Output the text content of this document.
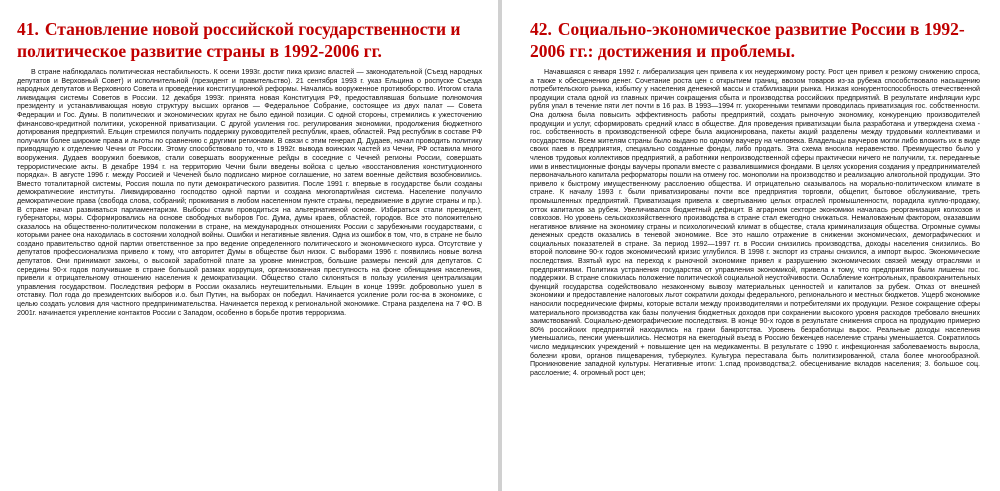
41. Становление новой российской государственности и политическое развитие страны в 1992-2006 гг.

В стране наблюдалась политическая нестабильность. К осени 1993г. достиг пика кризис властей — законодательной (Съезд народных депутатов и Верховный Совет) и исполнительной (президент и правительство). 21 сентября 1993 г. указ Ельцина о роспуске Съезда народных депутатов и Верховного Совета и проведении конституционной реформы. Начались вооруженное противоборство. Итогом стала ликвидация системы Советов в России. 12 декабря 1993г. принята новая Конституция РФ, предоставлявшая большие полномочия президенту и устанавливающая новую структуру высших органов — Федеральное Собрание, состоящее из двух палат — Совета Федерации и Гос. Думы. В политических и экономических кругах не было единой позиции. С одной стороны, стремились к ужесточению финансово-кредитной политики, ускоренной приватизации. С другой усиления гос. регулирования экономики, продолжения бюджетного дотирования предприятий. Ельцин стремился получить поддержку руководителей республик, краев, областей. Ряд республик в составе РФ получили более широкие права и льготы по сравнению с другими регионами. В связи с этим генерал Д. Дудаев, начал проводить политику приводящую к отделению Чечни от России. Этому способствовало то, что в 1992г. вывода воинских частей из Чечни, РФ оставила много вооружения. Дудаев вооружил боевиков, стали совершать вооруженные рейды в соседние с Чечней регионы России, совершать террористические акты. В декабре 1994 г. на территорию Чечни были введены войска с целью «восстановления конституционного порядка». В августе 1996 г. между Россией и Чеченей было подписано мирное соглашение, но затем военные действия возобновились. Вместо тоталитарной системы, Россия пошла по пути демократического развития. После 1991 г. впервые в государстве были созданы демократические институты. Ликвидированно господство одной партии и создана многопартийная система. Население получило демократические права (свобода слова, собраний; проживания в любом населенном пункте страны, передвижение в другие страны и пр.). В стране начал развиваться парламентаризм. Выборы стали проводиться на альтернативной основе. Избираться стали президент, губернаторы, мэры. Сформировались на основе свободных выборов Гос. Дума, думы краев, областей, городов. Все это положительно сказалось на общественно-политическом положении в стране, на международных отношениях России с зарубежными государствами, с которыми ранее она находилась в состоянии холодной войны. Ошибки и негативные явления. Одна из ошибок в том, что, в стране не было создано правительство одной партии ответственное за про ведение определенного политического и экономического курса. Отсутствие у депутатов профессионализма привело к тому, что авторитет Думы в обществе был низок. С выборами 1996 г. появились новые волна депутатов. Они принимают законы, о высокой заработной плате за уровне министров, большие размеры пенсий для депутатов. С середины 90-х годов получившие в стране большой размах коррупция, организованная преступность на фоне обнищания населения, привели к отрицательному отношению населения к демократизации. Общество стало склоняться в пользу усиления централизации управления государством. Последствия реформ в России оказались неутешительными. Ельцин в конце 1999г. добровольно ушел в отставку. Пол года до президентских выборов и.о. был Путин, на выборах он победил. Начинается усиление роли гос-ва в экономике, с целью создать условия для частного предпринимательства. Начинается переход к региональной экономике. Страна разделена на 7 ФО. В 2001г. начинается укрепление контактов России с Западом, особенно в борьбе против терроризма.

42. Социально-экономическое развитие России в 1992-2006 гг.: достижения и проблемы.

Начавшаяся с января 1992 г. либерализация цен привела к их неудержимому росту. Рост цен привел к резкому снижению спроса, а также к обесценению денег. Сочетание роста цен с открытием границ, ввозом товаров из-за рубежа способствовало насыщению потребительского рынка, избытку у населения денежной массы и стабилизации рынка. Низкая конкурентоспособность отечественной продукции стала одной из главных причин сокращения сбыта и производства российских предприятий. В результате инфляции курс рубля упал в течение пяти лет почти в 16 раз. В 1993—1994 гг. ускоренными темпами проводилась приватизация гос. собственности. Она должна была повысить эффективность работы предприятий, создать рыночную экономику, конкуренцию производителей продукции и услуг, сформировать средний класс в обществе. Для проведения приватизации была разработана и утверждена схема - гос. собственность в производственной сфере была акционирована, пакеты акций разделены между трудовыми коллективами и государством. Всем жителям страны было выдано по одному ваучеру на человека. Владельцы ваучеров могли либо вложить их в виде своих паев в предприятия, специально созданные фонды, либо продать. Эта схема вносила неравенство. Преимущество было у членов трудовых коллективов предприятий, а работники непроизводственной сферы практически ничего не получили, т.к. переданные ими в инвестиционные фонды ваучеры пропали вместе с развалившимися фондами. В целях ускорения создания у предпринимателей первоначального капитала реформаторы пошли на отмену гос. монополии на производство и реализацию алкогольной продукции. Это привело к быстрому имущественному расслоению общества. И отрицательно сказывалось на морально-политическом климате в стране. К началу 1993 г. были приватизированы почти все предприятия торговли, общепит, бытовое обслуживание, треть промышленных предприятий. Приватизация привела к свертыванию целых отраслей промышленности, порадила куплю-продажу, отток капиталов за рубеж. Увеличивался бюджетный дефицит. В аграрном секторе экономики началась реорганизация колхозов и совхозов. Но уровень сельскохозяйственного производства в стране стал ежегодно снижаться. Немаловажным фактором, оказавшим негативное влияние на экономику страны и психологический климат в обществе, стала криминализация общества. Огромные суммы денежных средств оказались в теневой экономике. Все это нашло отражение в снижении экономических, демографических и социальных показателей в стране. За период 1992—1997 гг. в России снизились производства, доходы населения снизились. Во второй половине 90-х годов экономический кризис углубился. В 1998 г. экспорт из страны снизился, а импорт вырос. Экономические последствия. Взятый курс на переход к рыночной экономике привел к разрушению экономических связей между отраслями и предприятиями. Политика устранения государства от управления экономикой, привела к тому, что предприятия были лишены гос. поддержки. В стране сложилась положение политической социальной неустойчивости. Ослабление контрольных, правоохранительных функций государства содействовало незаконному вывозу материальных ценностей и капиталов за рубеж. Отказ от внешней экономики и предоставление налоговых льгот сократили доходы федерального, регионального и местных бюджетов. Ущерб экономике наносили посреднические фирмы, которые встали между производителями и потребителями их продукции. Резкое сокращение сферы материального производства как базы получения бюджетных доходов при сохранении высокого уровня расходов требовало внешних заимствований. Социально-демографические последствия. В конце 90-х годов в результате снижения спроса на продукцию примерно 80% российских предприятий находились на грани банкротства. Уровень безработицы вырос. Реальные доходы населения уменьшались, пенсии уменьшились. Несмотря на ежегодный въезд в Россию беженцев население страны уменьшается. Сократилось число медицинских учреждений + повышение цен на медикаменты. В результате с 1990 г. инфекционная заболеваемость выросла, болезни крови, органов пищеварения, туберкулез. Культура переставала быть политизированной, стала более многообразной. Проникновение западной культуры. Негативные итоги: 1.спад производства;2. обесценивание вкладов населения; 3. большое соц. расслоение; 4. огромный рост цен;
